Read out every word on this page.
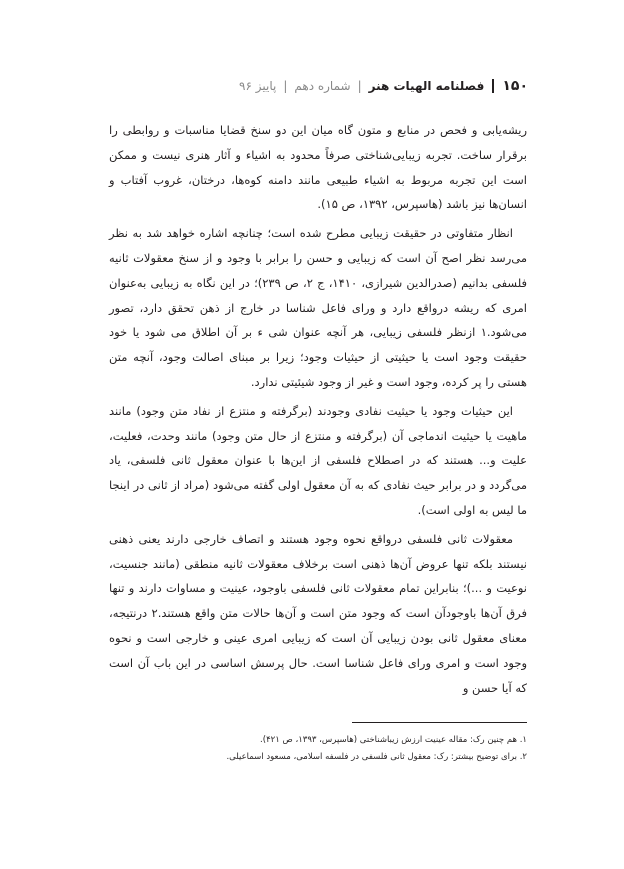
۱۵۰
فصلنامه الهیات هنر
|
شماره دهم
|
پاییز ۹۶

ریشه‌یابی و فحص در منابع و متون گاه میان این دو سنخ قضایا مناسبات و روابطی را برقرار ساخت. تجربه زیبایی‌شناختی صرفاً محدود به اشیاء و آثار هنری نیست و ممکن است این تجربه مربوط به اشیاء طبیعی مانند دامنه کوه‌ها، درختان، غروب آفتاب و انسان‌ها نیز باشد (هاسپرس، ۱۳۹۲، ص ۱۵).

انظار متفاوتی در حقیقت زیبایی مطرح شده است؛ چنانچه اشاره خواهد شد به نظر می‌رسد نظر اصح آن است که زیبایی و حسن را برابر با وجود و از سنخ معقولات ثانیه فلسفی بدانیم (صدرالدین شیرازی، ۱۴۱۰، ج ۲، ص ۲۳۹)؛ در این نگاه به زیبایی به‌عنوان امری که ریشه درواقع دارد و ورای فاعل شناسا در خارج از ذهن تحقق دارد، تصور می‌شود.۱ ازنظر فلسفی زیبایی، هر آنچه عنوان شی ء بر آن اطلاق می شود یا خود حقیقت وجود است یا حیثیتی از حیثیات وجود؛ زیرا بر مبنای اصالت وجود، آنچه متن هستی را پر کرده، وجود است و غیر از وجود شیئیتی ندارد.

این حیثیات وجود یا حیثیت نفادی وجودند (برگرفته و منتزع از نفاد متن وجود) مانند ماهیت یا حیثیت اندماجی آن (برگرفته و منتزع از حال متن وجود) مانند وحدت، فعلیت، علیت و... هستند که در اصطلاح فلسفی از این‌ها با عنوان معقول ثانی فلسفی، یاد می‌گردد و در برابر حیث نفادی که به آن معقول اولی گفته می‌شود (مراد از ثانی در اینجا ما لیس به اولی است).

معقولات ثانی فلسفی درواقع نحوه وجود هستند و اتصاف خارجی دارند یعنی ذهنی نیستند بلکه تنها عروض آن‌ها ذهنی است برخلاف معقولات ثانیه منطقی (مانند جنسیت، نوعیت و ...)؛ بنابراین تمام معقولات ثانی فلسفی باوجود، عینیت و مساوات دارند و تنها فرق آن‌ها باوجودآن است که وجود متن است و آن‌ها حالات متن واقع هستند.۲ درنتیجه، معنای معقول ثانی بودن زیبایی آن است که زیبایی امری عینی و خارجی است و نحوه وجود است و امری ورای فاعل شناسا است. حال پرسش اساسی در این باب آن است که آیا حسن و

۱. هم چنین رک: مقاله عینیت ارزش زیباشناختی (هاسپرس، ۱۳۹۳، ص ۴۲۱).
۲. برای توضیح بیشتر: رک: معقول ثانی فلسفی در فلسفه اسلامی، مسعود اسماعیلی.
